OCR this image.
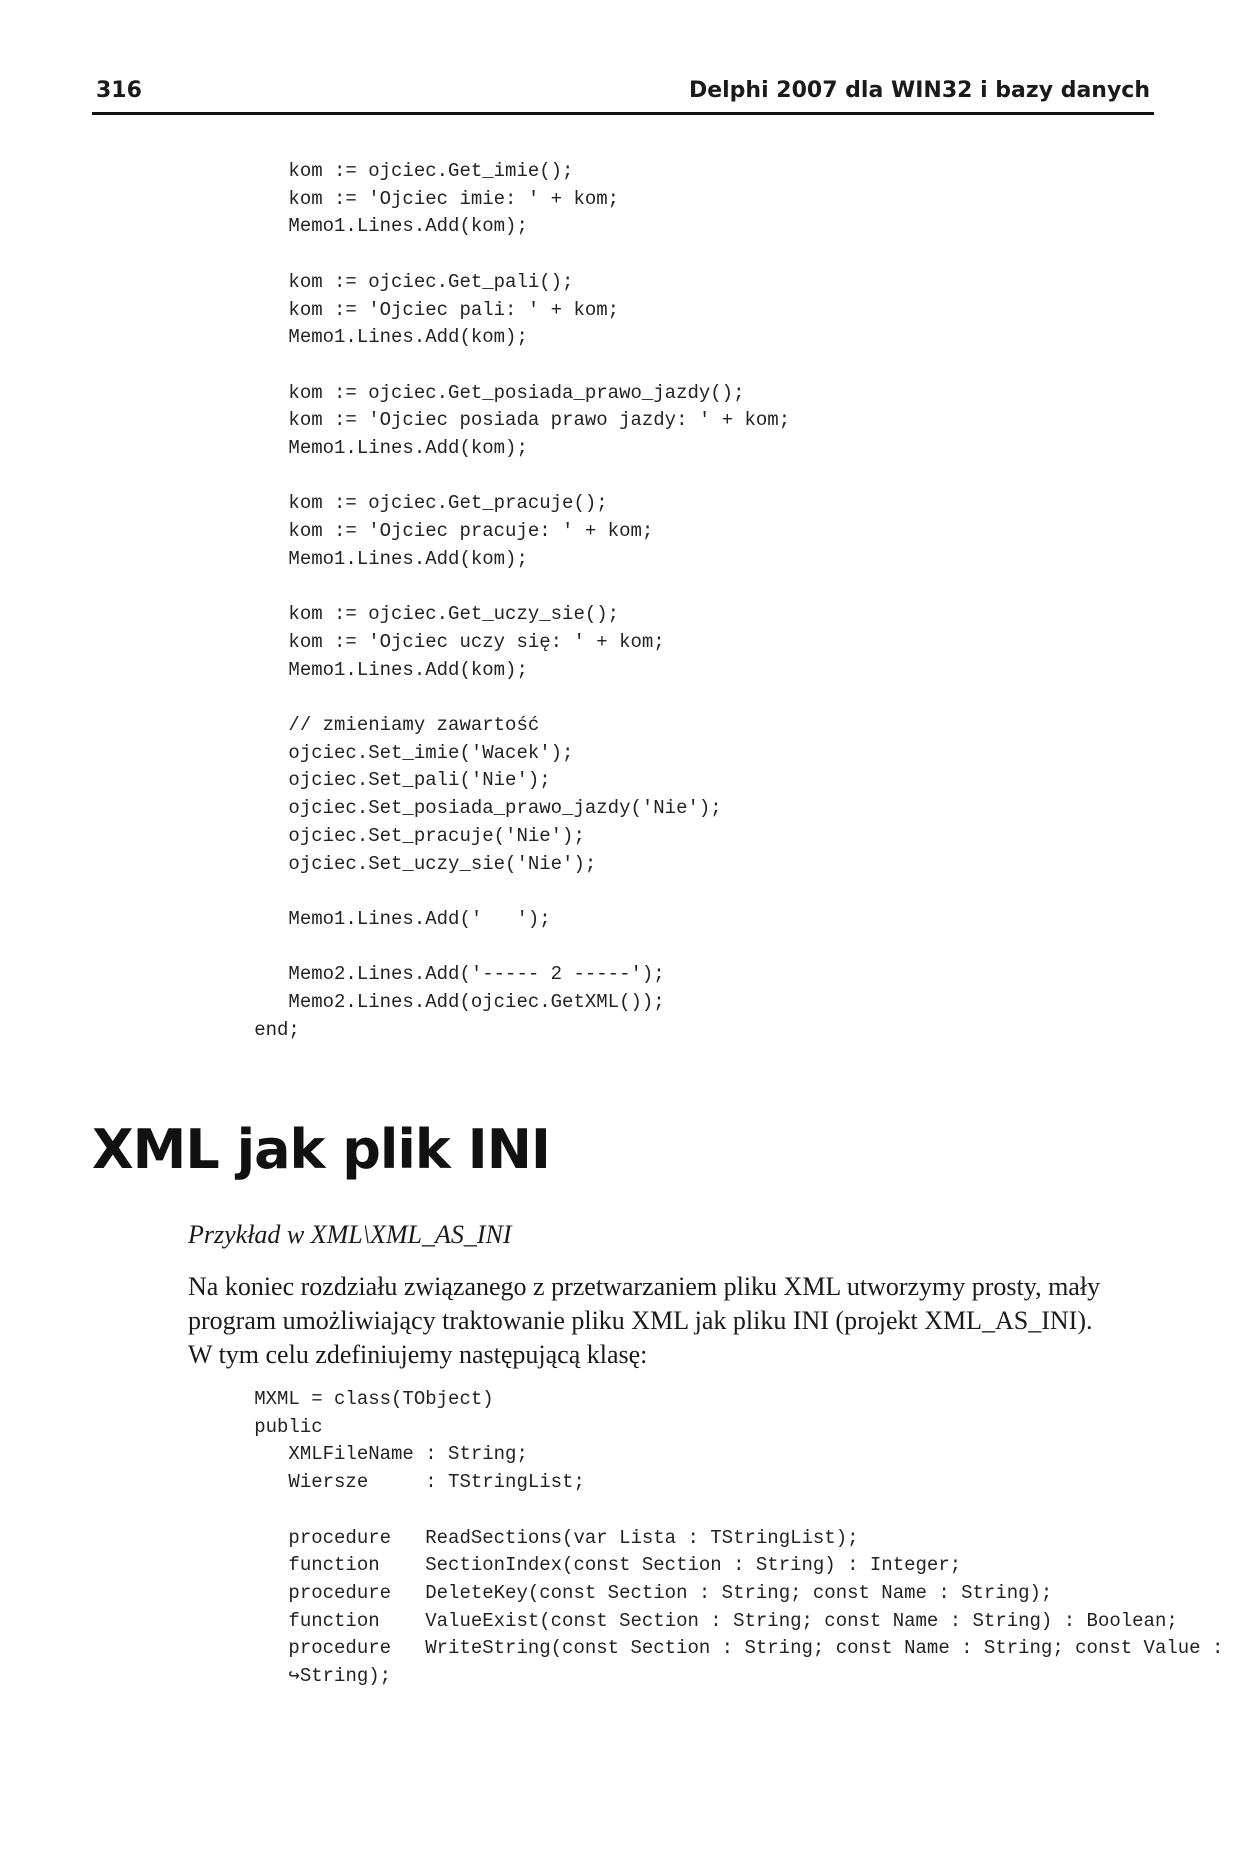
316	Delphi 2007 dla WIN32 i bazy danych
kom := ojciec.Get_imie();
kom := 'Ojciec imie: ' + kom;
Memo1.Lines.Add(kom);

kom := ojciec.Get_pali();
kom := 'Ojciec pali: ' + kom;
Memo1.Lines.Add(kom);

kom := ojciec.Get_posiada_prawo_jazdy();
kom := 'Ojciec posiada prawo jazdy: ' + kom;
Memo1.Lines.Add(kom);

kom := ojciec.Get_pracuje();
kom := 'Ojciec pracuje: ' + kom;
Memo1.Lines.Add(kom);

kom := ojciec.Get_uczy_sie();
kom := 'Ojciec uczy się: ' + kom;
Memo1.Lines.Add(kom);

// zmieniamy zawartość
ojciec.Set_imie('Wacek');
ojciec.Set_pali('Nie');
ojciec.Set_posiada_prawo_jazdy('Nie');
ojciec.Set_pracuje('Nie');
ojciec.Set_uczy_sie('Nie');

Memo1.Lines.Add('   ');

Memo2.Lines.Add('----- 2 -----');
Memo2.Lines.Add(ojciec.GetXML());
end;
XML jak plik INI
Przykład w XML\XML_AS_INI

Na koniec rozdziału związanego z przetwarzaniem pliku XML utworzymy prosty, mały
program umożliwiający traktowanie pliku XML jak pliku INI (projekt XML_AS_INI).
W tym celu zdefiniujemy następującą klasę:

MXML = class(TObject)
public
XMLFileName : String;
Wiersze     : TStringList;

procedure   ReadSections(var Lista : TStringList);
function    SectionIndex(const Section : String) : Integer;
procedure   DeleteKey(const Section : String; const Name : String);
function    ValueExist(const Section : String; const Name : String) : Boolean;
procedure   WriteString(const Section : String; const Name : String; const Value :
↪String);
